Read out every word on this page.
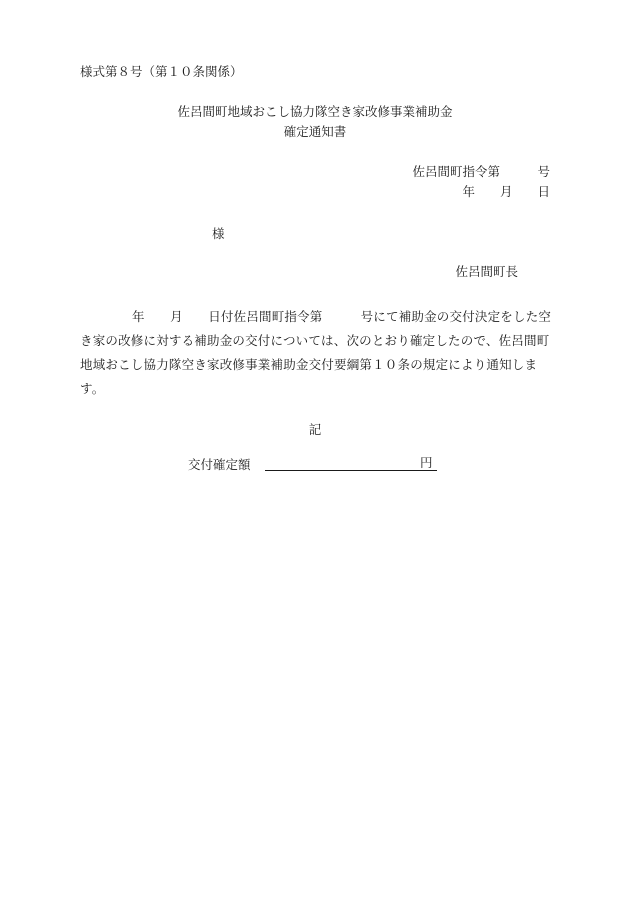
様式第８号（第１０条関係）
佐呂間町地域おこし協力隊空き家改修事業補助金
確定通知書
佐呂間町指令第　　　号
年　　月　　日
様
佐呂間町長
年　　月　　日付佐呂間町指令第　　　号にて補助金の交付決定をした空き家の改修に対する補助金の交付については、次のとおり確定したので、佐呂間町地域おこし協力隊空き家改修事業補助金交付要綱第１０条の規定により通知します。
記
交付確定額	円
